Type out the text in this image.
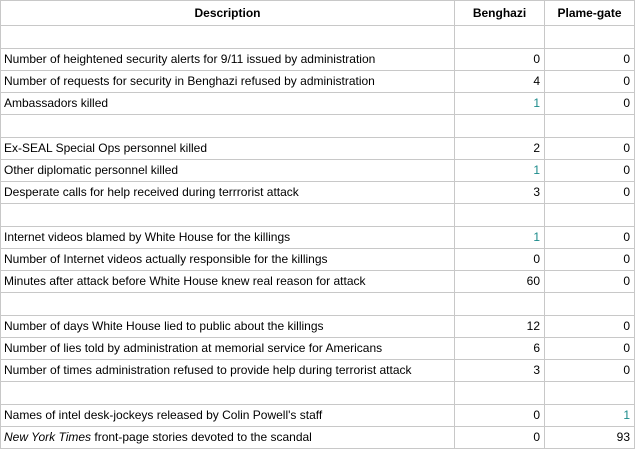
Description	Benghazi	Plame-gate

Number of heightened security alerts for 9/11 issued by administration	0	0
Number of requests for security in Benghazi refused by administration	4	0
Ambassadors killed	1	0

Ex-SEAL Special Ops personnel killed	2	0
Other diplomatic personnel killed	1	0
Desperate calls for help received during terrrorist attack	3	0

Internet videos blamed by White House for the killings	1	0
Number of Internet videos actually responsible for the killings	0	0
Minutes after attack before White House knew real reason for attack	60	0

Number of days White House lied to public about the killings	12	0
Number of lies told by administration at memorial service for Americans	6	0
Number of times administration refused to provide help during terrorist attack	3	0

Names of intel desk-jockeys released by Colin Powell's staff	0	1
New York Times front-page stories devoted to the scandal	0	93
